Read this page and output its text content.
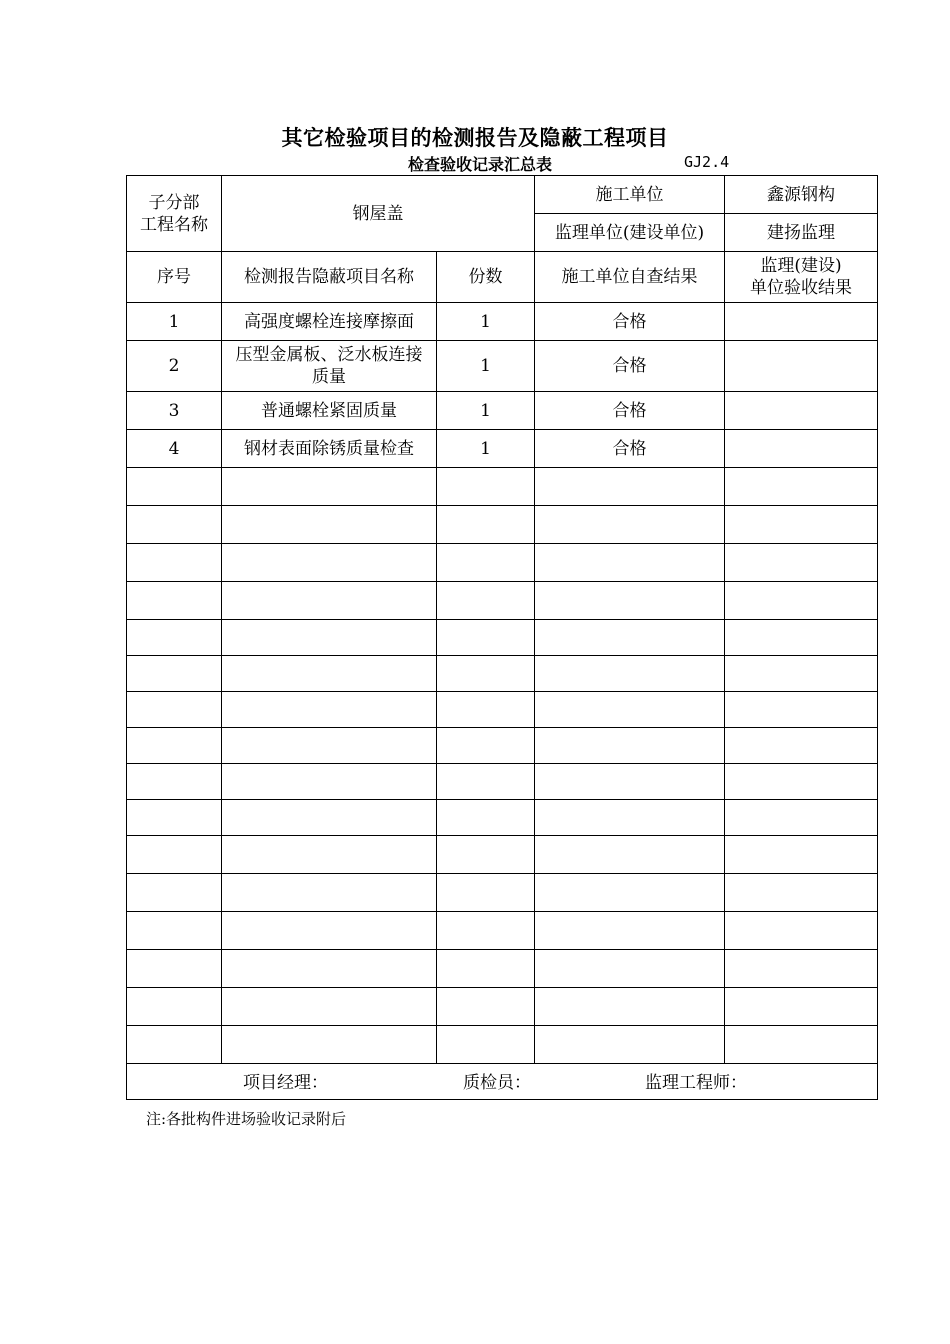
其它检验项目的检测报告及隐蔽工程项目
检查验收记录汇总表	GJ2.4
子分部
工程名称	钢屋盖		施工单位	鑫源钢构
			监理单位(建设单位)	建扬监理
序号	检测报告隐蔽项目名称	份数	施工单位自查结果	监理(建设)
单位验收结果
1	高强度螺栓连接摩擦面	1	合格	
2	压型金属板、泛水板连接质量	1	合格	
3	普通螺栓紧固质量	1	合格	
4	钢材表面除锈质量检查	1	合格	

项目经理： 质检员： 监理工程师：				
注:各批构件进场验收记录附后
